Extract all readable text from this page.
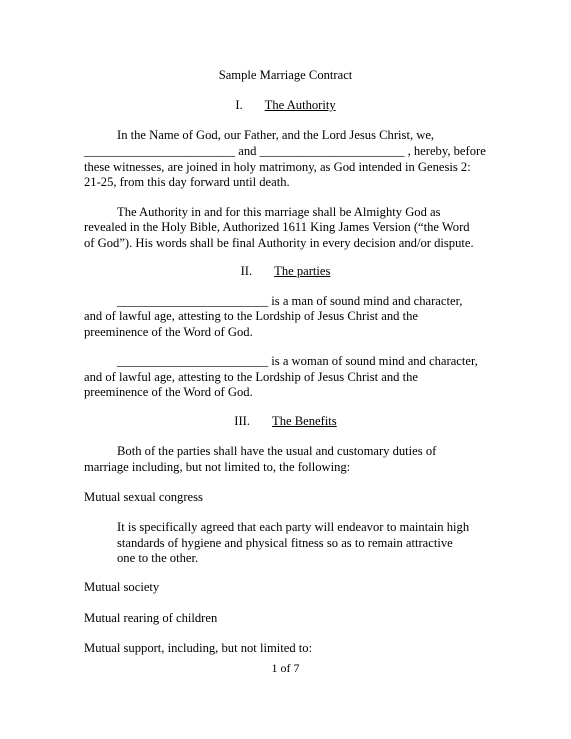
Sample Marriage Contract
I. The Authority
In the Name of God, our Father, and the Lord Jesus Christ, we,
________________________ and _______________________ , hereby, before
these witnesses, are joined in holy matrimony, as God intended in Genesis 2:
21-25, from this day forward until death.
The Authority in and for this marriage shall be Almighty God as
revealed in the Holy Bible, Authorized 1611 King James Version (“the Word
of God”). His words shall be final Authority in every decision and/or dispute.
II. The parties
________________________ is a man of sound mind and character,
and of lawful age, attesting to the Lordship of Jesus Christ and the
preeminence of the Word of God.
________________________ is a woman of sound mind and character,
and of lawful age, attesting to the Lordship of Jesus Christ and the
preeminence of the Word of God.
III. The Benefits
Both of the parties shall have the usual and customary duties of
marriage including, but not limited to, the following:
Mutual sexual congress
It is specifically agreed that each party will endeavor to maintain high
standards of hygiene and physical fitness so as to remain attractive
one to the other.
Mutual society
Mutual rearing of children
Mutual support, including, but not limited to:
1 of 7
